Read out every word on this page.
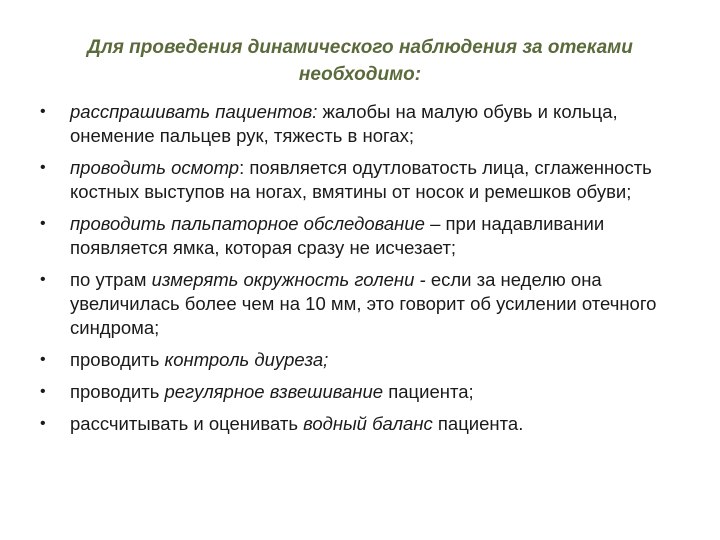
Для проведения динамического наблюдения за отеками необходимо:
• расспрашивать пациентов: жалобы на малую обувь и кольца, онемение пальцев рук, тяжесть в ногах;
• проводить осмотр: появляется одутловатость лица, сглаженность костных выступов на ногах, вмятины от носок и ремешков обуви;
• проводить пальпаторное обследование – при надавливании появляется ямка, которая сразу не исчезает;
• по утрам измерять окружность голени - если за неделю она увеличилась более чем на 10 мм, это говорит об усилении отечного синдрома;
• проводить контроль диуреза;
• проводить регулярное взвешивание пациента;
• рассчитывать и оценивать водный баланс пациента.
